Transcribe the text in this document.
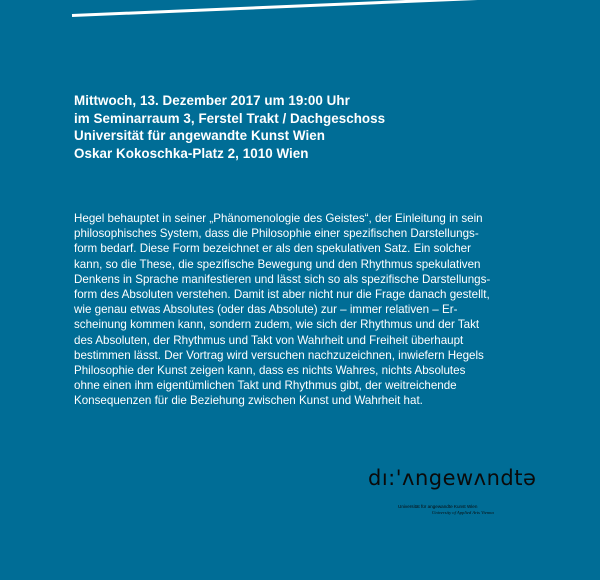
Mittwoch, 13. Dezember 2017 um 19:00 Uhr
im Seminarraum 3, Ferstel Trakt / Dachgeschoss
Universität für angewandte Kunst Wien
Oskar Kokoschka-Platz 2, 1010 Wien
Hegel behauptet in seiner „Phänomenologie des Geistes“, der Einleitung in sein
philosophisches System, dass die Philosophie einer spezifischen Darstellungs-
form bedarf. Diese Form bezeichnet er als den spekulativen Satz. Ein solcher
kann, so die These, die spezifische Bewegung und den Rhythmus spekulativen
Denkens in Sprache manifestieren und lässt sich so als spezifische Darstellungs-
form des Absoluten verstehen. Damit ist aber nicht nur die Frage danach gestellt,
wie genau etwas Absolutes (oder das Absolute) zur – immer relativen – Er-
scheinung kommen kann, sondern zudem, wie sich der Rhythmus und der Takt
des Absoluten, der Rhythmus und Takt von Wahrheit und Freiheit überhaupt
bestimmen lässt. Der Vortrag wird versuchen nachzuzeichnen, inwiefern Hegels
Philosophie der Kunst zeigen kann, dass es nichts Wahres, nichts Absolutes
ohne einen ihm eigentümlichen Takt und Rhythmus gibt, der weitreichende
Konsequenzen für die Beziehung zwischen Kunst und Wahrheit hat.
dı:'ʌngewʌndtə
Universität für angewandte Kunst Wien
University of Applied Arts Vienna
